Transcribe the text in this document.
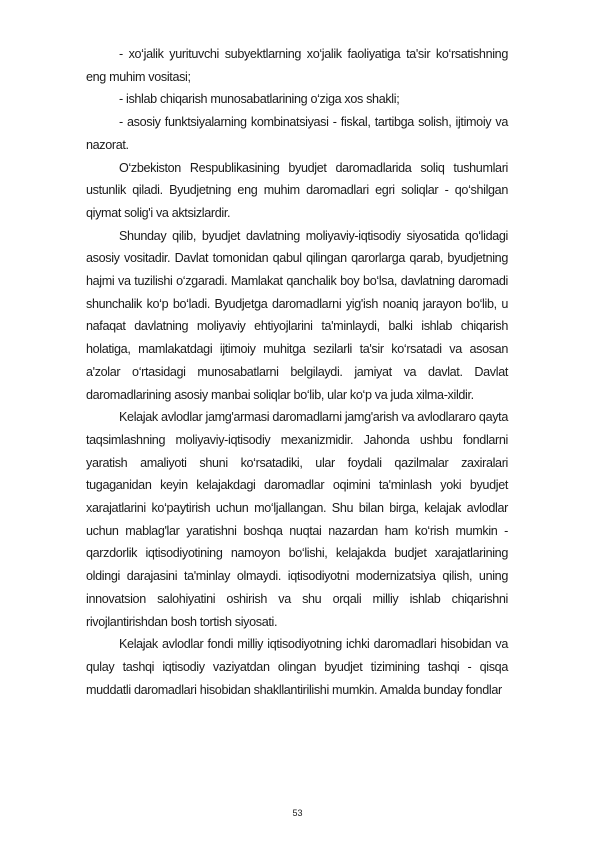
- xo‘jalik yurituvchi subyektlarning xo‘jalik faoliyatiga ta'sir ko‘rsatishning eng muhim vositasi;

- ishlab chiqarish munosabatlarining o‘ziga xos shakli;

- asosiy funktsiyalarning kombinatsiyasi - fiskal, tartibga solish, ijtimoiy va nazorat.

O‘zbekiston Respublikasining byudjet daromadlarida soliq tushumlari ustunlik qiladi. Byudjetning eng muhim daromadlari egri soliqlar - qo‘shilgan qiymat solig'i va aktsizlardir.

Shunday qilib, byudjet davlatning moliyaviy-iqtisodiy siyosatida qo‘lidagi asosiy vositadir. Davlat tomonidan qabul qilingan qarorlarga qarab, byudjetning hajmi va tuzilishi o‘zgaradi. Mamlakat qanchalik boy bo‘lsa, davlatning daromadi shunchalik ko‘p bo‘ladi. Byudjetga daromadlarni yig'ish noaniq jarayon bo‘lib, u nafaqat davlatning moliyaviy ehtiyojlarini ta'minlaydi, balki ishlab chiqarish holatiga, mamlakatdagi ijtimoiy muhitga sezilarli ta'sir ko‘rsatadi va asosan a'zolar o‘rtasidagi munosabatlarni belgilaydi. jamiyat va davlat. Davlat daromadlarining asosiy manbai soliqlar bo‘lib, ular ko‘p va juda xilma-xildir.

Kelajak avlodlar jamg'armasi daromadlarni jamg'arish va avlodlararo qayta taqsimlashning moliyaviy-iqtisodiy mexanizmidir. Jahonda ushbu fondlarni yaratish amaliyoti shuni ko‘rsatadiki, ular foydali qazilmalar zaxiralari tugaganidan keyin kelajakdagi daromadlar oqimini ta'minlash yoki byudjet xarajatlarini ko‘paytirish uchun mo‘ljallangan. Shu bilan birga, kelajak avlodlar uchun mablag'lar yaratishni boshqa nuqtai nazardan ham ko‘rish mumkin - qarzdorlik iqtisodiyotining namoyon bo‘lishi, kelajakda budjet xarajatlarining oldingi darajasini ta'minlay olmaydi. iqtisodiyotni modernizatsiya qilish, uning innovatsion salohiyatini oshirish va shu orqali milliy ishlab chiqarishni rivojlantirishdan bosh tortish siyosati.

Kelajak avlodlar fondi milliy iqtisodiyotning ichki daromadlari hisobidan va qulay tashqi iqtisodiy vaziyatdan olingan byudjet tizimining tashqi - qisqa muddatli daromadlari hisobidan shakllantirilishi mumkin. Amalda bunday fondlar

53
